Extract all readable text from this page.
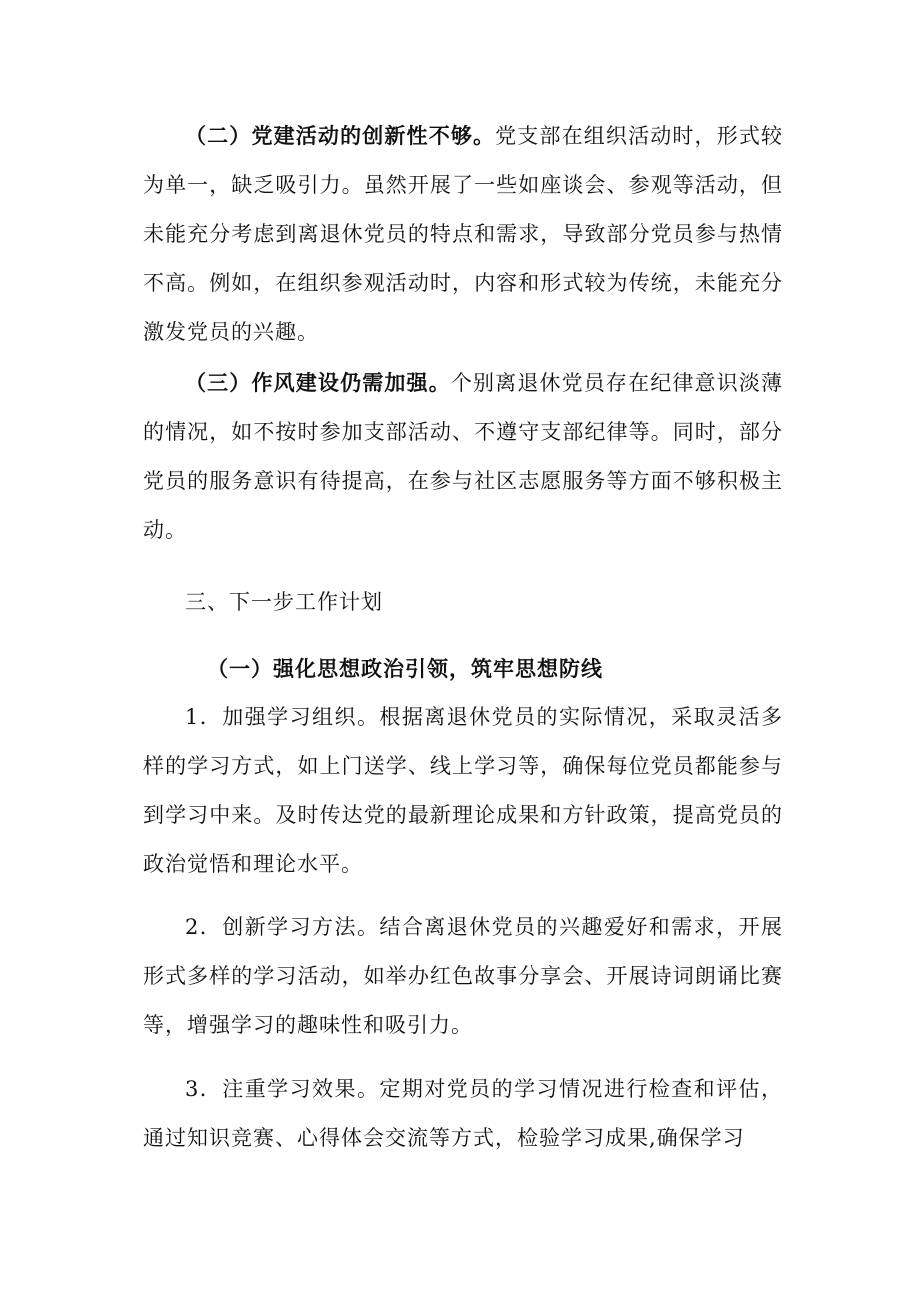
（二）党建活动的创新性不够。党支部在组织活动时，形式较为单一，缺乏吸引力。虽然开展了一些如座谈会、参观等活动，但未能充分考虑到离退休党员的特点和需求，导致部分党员参与热情不高。例如，在组织参观活动时，内容和形式较为传统，未能充分激发党员的兴趣。

（三）作风建设仍需加强。个别离退休党员存在纪律意识淡薄的情况，如不按时参加支部活动、不遵守支部纪律等。同时，部分党员的服务意识有待提高，在参与社区志愿服务等方面不够积极主动。

三、下一步工作计划

（一）强化思想政治引领，筑牢思想防线

1．加强学习组织。根据离退休党员的实际情况，采取灵活多样的学习方式，如上门送学、线上学习等，确保每位党员都能参与到学习中来。及时传达党的最新理论成果和方针政策，提高党员的政治觉悟和理论水平。

2．创新学习方法。结合离退休党员的兴趣爱好和需求，开展形式多样的学习活动，如举办红色故事分享会、开展诗词朗诵比赛等，增强学习的趣味性和吸引力。

3．注重学习效果。定期对党员的学习情况进行检查和评估，通过知识竞赛、心得体会交流等方式，检验学习成果,确保学习
